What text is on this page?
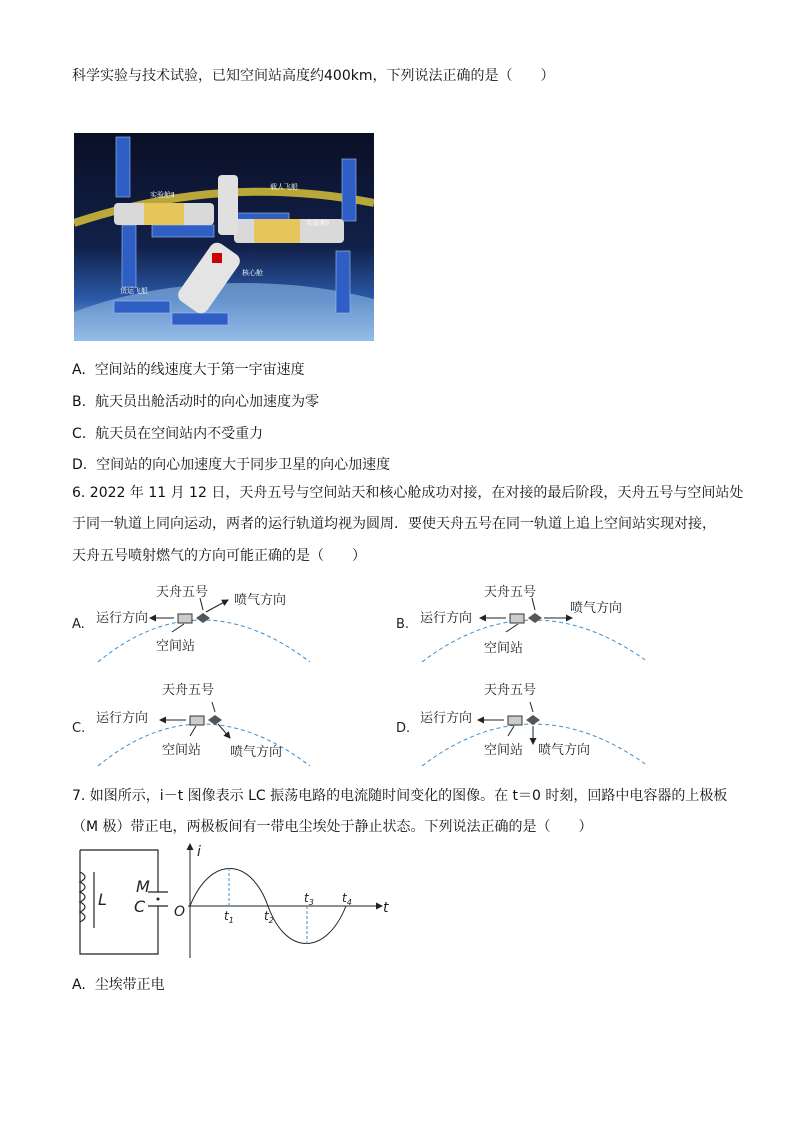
科学实验与技术试验，已知空间站高度约400km，下列说法正确的是（　　）
实验舱Ⅱ
载人飞船
实验舱Ⅰ
核心舱
货运飞船
A. 空间站的线速度大于第一宇宙速度
B. 航天员出舱活动时的向心加速度为零
C. 航天员在空间站内不受重力
D. 空间站的向心加速度大于同步卫星的向心加速度
6. 2022 年 11 月 12 日，天舟五号与空间站天和核心舱成功对接，在对接的最后阶段，天舟五号与空间站处
于同一轨道上同向运动，两者的运行轨道均视为圆周．要使天舟五号在同一轨道上追上空间站实现对接，
天舟五号喷射燃气的方向可能正确的是（　　）
A.
天舟五号
喷气方向
运行方向
空间站
B.
天舟五号
喷气方向
运行方向
空间站
C.
天舟五号
运行方向
空间站 喷气方向
D.
天舟五号
运行方向
空间站 喷气方向
7. 如图所示，i－t 图像表示 LC 振荡电路的电流随时间变化的图像。在 t＝0 时刻，回路中电容器的上极板
（M 极）带正电，两极板间有一带电尘埃处于静止状态。下列说法正确的是（　　）
L
M
C
i
t
O	$t_1$	$t_2$
$t_3$ $t_4$
A. 尘埃带正电
